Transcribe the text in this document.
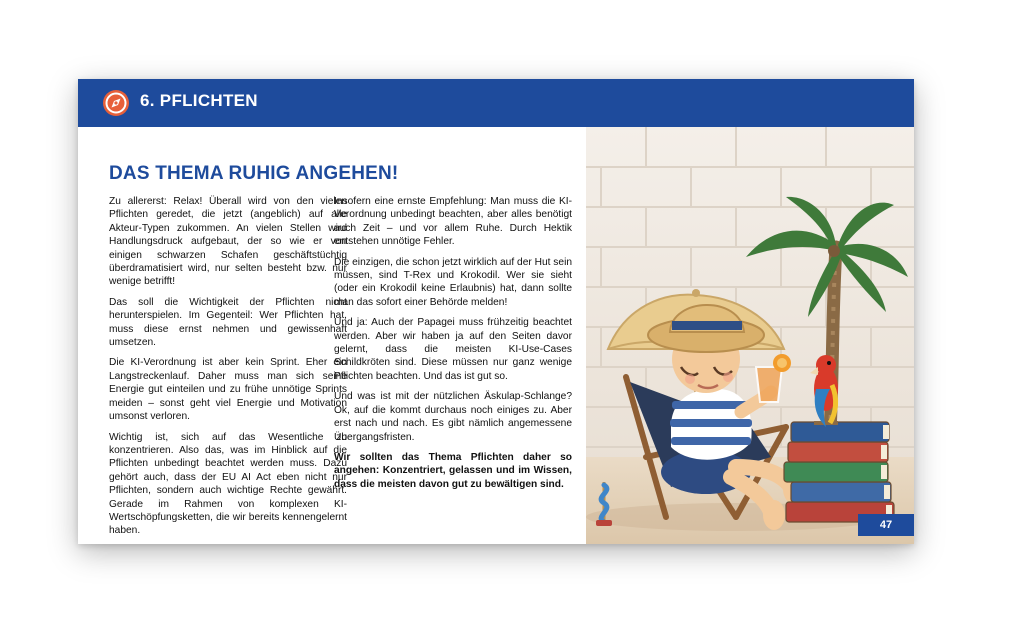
6. PFLICHTEN
DAS THEMA RUHIG ANGEHEN!

Zu allererst: Relax! Überall wird von den vielen Pflichten geredet, die jetzt (angeblich) auf alle Akteur-Typen zukommen. An vielen Stellen wird Handlungsdruck aufgebaut, der so wie er von einigen schwarzen Schafen geschäftstüchtig überdramatisiert wird, nur selten besteht bzw. nur wenige betrifft!

Das soll die Wichtigkeit der Pflichten nicht herunterspielen. Im Gegenteil: Wer Pflichten hat, muss diese ernst nehmen und gewissenhaft umsetzen.

Die KI-Verordnung ist aber kein Sprint. Eher ein Langstreckenlauf. Daher muss man sich seine Energie gut einteilen und zu frühe unnötige Sprints meiden – sonst geht viel Energie und Motivation umsonst verloren.

Wichtig ist, sich auf das Wesentliche zu konzentrieren. Also das, was im Hinblick auf die Pflichten unbedingt beachtet werden muss. Dazu gehört auch, dass der EU AI Act eben nicht nur Pflichten, sondern auch wichtige Rechte gewährt. Gerade im Rahmen von komplexen KI-Wertschöpfungsketten, die wir bereits kennengelernt haben.

Insofern eine ernste Empfehlung: Man muss die KI-Verordnung unbedingt beachten, aber alles benötigt auch Zeit – und vor allem Ruhe. Durch Hektik entstehen unnötige Fehler.

Die einzigen, die schon jetzt wirklich auf der Hut sein müssen, sind T-Rex und Krokodil. Wer sie sieht (oder ein Krokodil keine Erlaubnis) hat, dann sollte man das sofort einer Behörde melden!

Und ja: Auch der Papagei muss frühzeitig beachtet werden. Aber wir haben ja auf den Seiten davor gelernt, dass die meisten KI-Use-Cases Schildkröten sind. Diese müssen nur ganz wenige Pflichten beachten. Und das ist gut so.

Und was ist mit der nützlichen Äskulap-Schlange? Ok, auf die kommt durchaus noch einiges zu. Aber erst nach und nach. Es gibt nämlich angemessene Übergangsfristen.

Wir sollten das Thema Pflichten daher so angehen: Konzentriert, gelassen und im Wissen, dass die meisten davon gut zu bewältigen sind.

47
